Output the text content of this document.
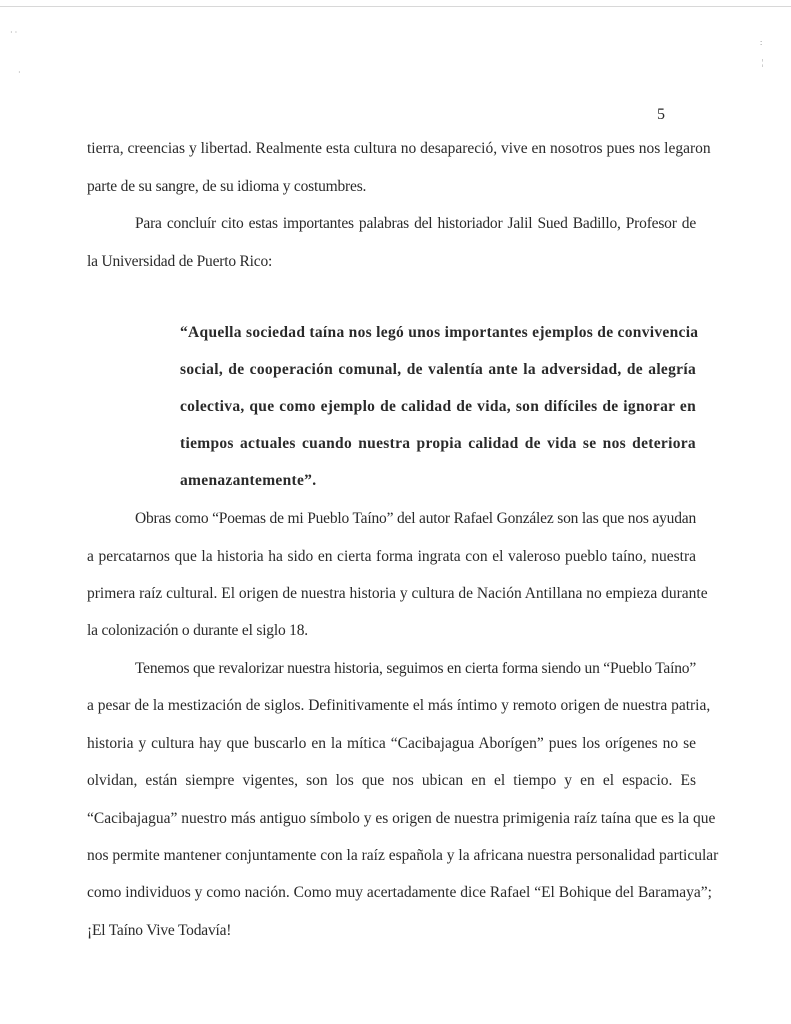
· ·
·
:
¦
5
tierra, creencias y libertad. Realmente esta cultura no desapareció, vive en nosotros pues nos legaron
parte de su sangre, de su idioma y costumbres.
Para concluír cito estas importantes palabras del historiador Jalil Sued Badillo, Profesor de
la Universidad de Puerto Rico:
“Aquella sociedad taína nos legó unos importantes ejemplos de convivencia
social, de cooperación comunal, de valentía ante la adversidad, de alegría
colectiva, que como ejemplo de calidad de vida, son difíciles de ignorar en
tiempos actuales cuando nuestra propia calidad de vida se nos deteriora
amenazantemente”.
Obras como “Poemas de mi Pueblo Taíno” del autor Rafael González son las que nos ayudan
a percatarnos que la historia ha sido en cierta forma ingrata con el valeroso pueblo taíno, nuestra
primera raíz cultural. El origen de nuestra historia y cultura de Nación Antillana no empieza durante
la colonización o durante el siglo 18.
Tenemos que revalorizar nuestra historia, seguimos en cierta forma siendo un “Pueblo Taíno”
a pesar de la mestización de siglos. Definitivamente el más íntimo y remoto origen de nuestra patria,
historia y cultura hay que buscarlo en la mítica “Cacibajagua Aborígen” pues los orígenes no se
olvidan, están siempre vigentes, son los que nos ubican en el tiempo y en el espacio. Es
“Cacibajagua” nuestro más antiguo símbolo y es origen de nuestra primigenia raíz taína que es la que
nos permite mantener conjuntamente con la raíz española y la africana nuestra personalidad particular
como individuos y como nación. Como muy acertadamente dice Rafael “El Bohique del Baramaya”;
¡El Taíno Vive Todavía!
